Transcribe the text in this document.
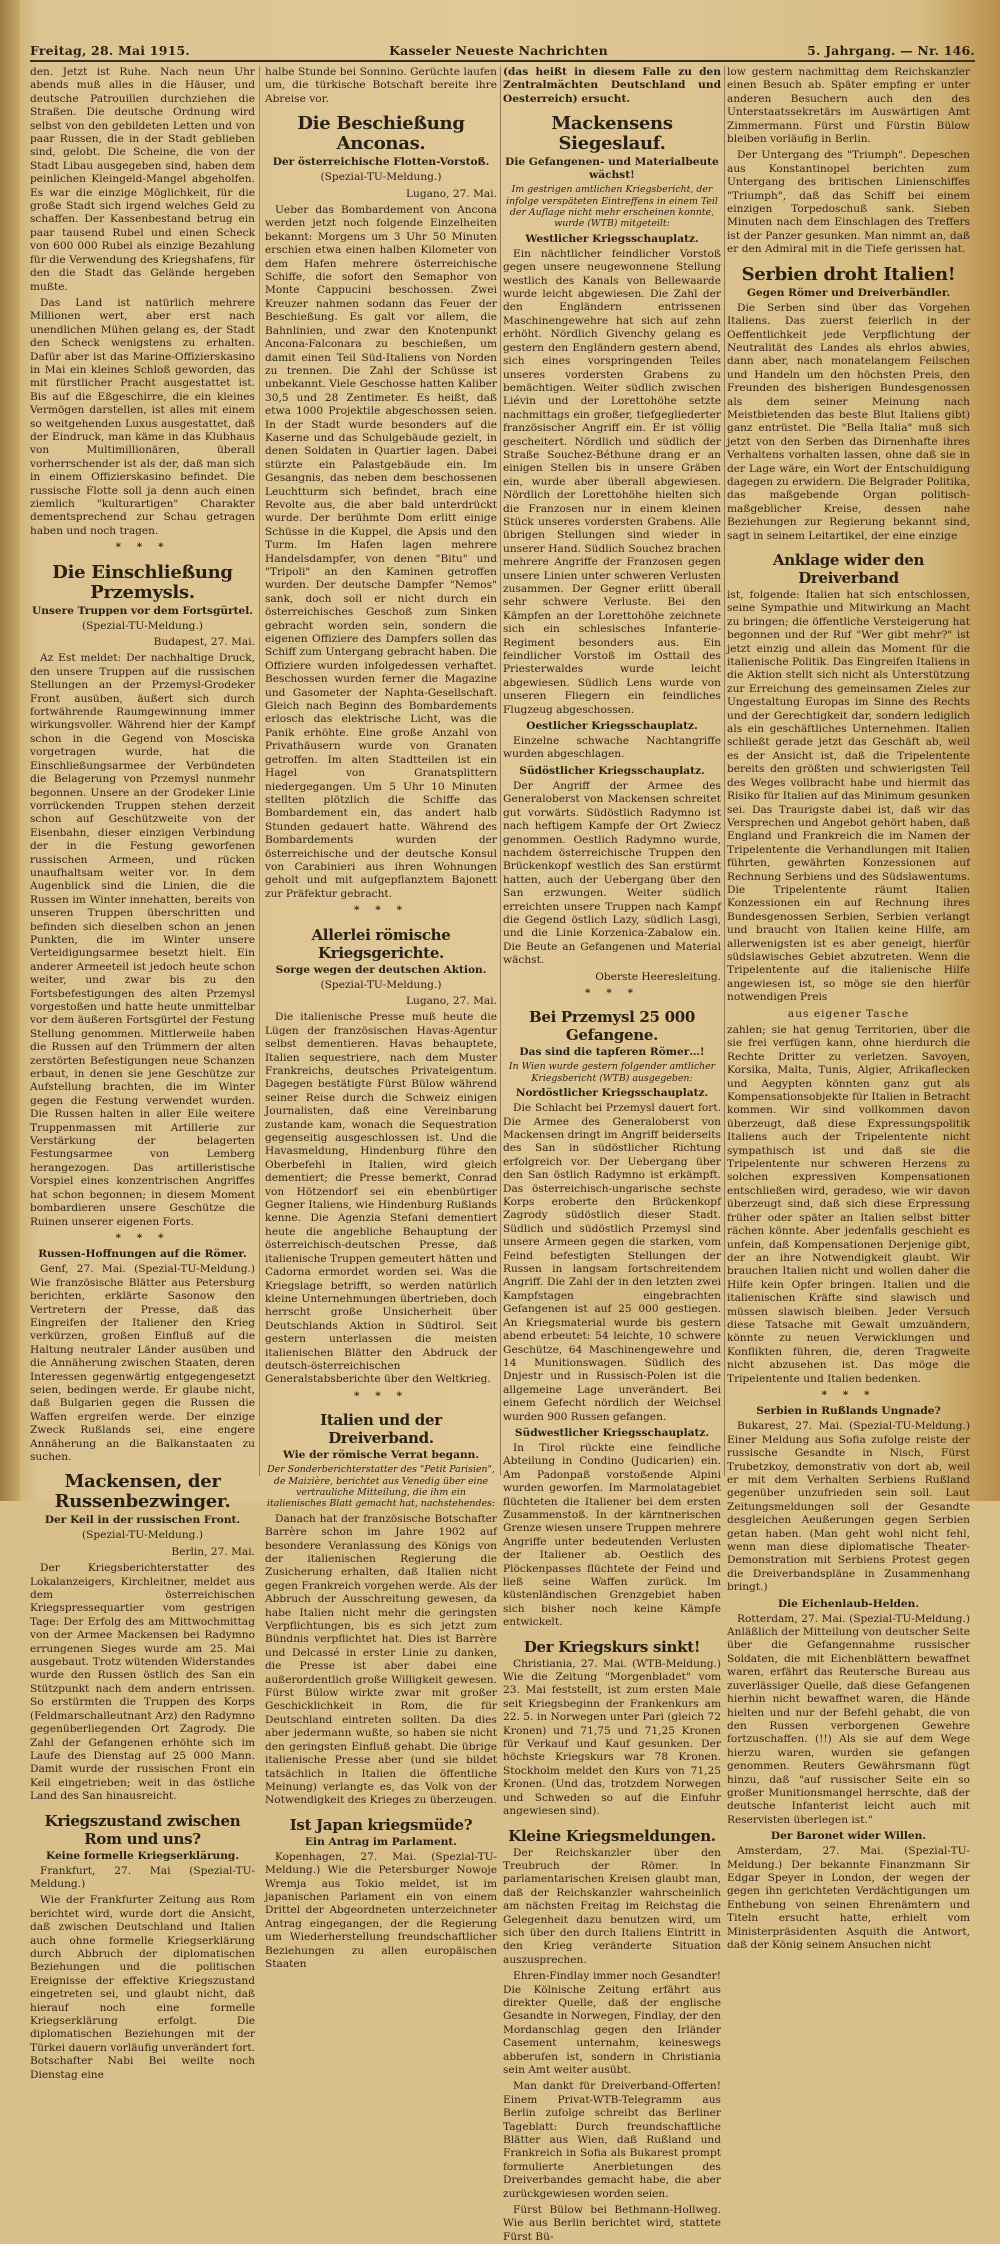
Freitag, 28. Mai 1915.	Kasseler Neueste Nachrichten	5. Jahrgang. — Nr. 146.

den. Jetzt ist Ruhe. Nach neun Uhr abends muß alles in die Häuser, und deutsche Patrouillen durchziehen die Straßen. Die deutsche Ordnung wird selbst von den gebildeten Letten und von paar Russen, die in der Stadt geblieben sind, gelobt. Die Scheine, die von der Stadt Libau ausgegeben sind, haben dem peinlichen Kleingeld-Mangel abgeholfen. Es war die einzige Möglichkeit, für die große Stadt sich irgend welches Geld zu schaffen. Der Kassenbestand betrug ein paar tausend Rubel und einen Scheck von 600 000 Rubel als einzige Bezahlung für die Verwendung des Kriegshafens, für den die Stadt das Gelände hergeben mußte.

Das Land ist natürlich mehrere Millionen wert, aber erst nach unendlichen Mühen gelang es, der Stadt den Scheck wenigstens zu erhalten. Dafür aber ist das Marine-Offizierskasino in Mai ein kleines Schloß geworden, das mit fürstlicher Pracht ausgestattet ist. Bis auf die Eßgeschirre, die ein kleines Vermögen darstellen, ist alles mit einem so weitgehenden Luxus ausgestattet, daß der Eindruck, man käme in das Klubhaus von Multimillionären, überall vorherrschender ist als der, daß man sich in einem Offizierskasino befindet. Die russische Flotte soll ja denn auch einen ziemlich "kulturartigen" Charakter dementsprechend zur Schau getragen haben und noch tragen.

* * *
Die Einschließung Przemysls.
Unsere Truppen vor dem Fortsgürtel.

(Spezial-TU-Meldung.)

Budapest, 27. Mai.

Az Est meldet: Der nachhaltige Druck, den unsere Truppen auf die russischen Stellungen an der Przemysl-Grodeker Front ausüben, äußert sich durch fortwährende Raumgewinnung immer wirkungsvoller. Während hier der Kampf schon in die Gegend von Mosciska vorgetragen wurde, hat die Einschließungsarmee der Verbündeten die Belagerung von Przemysl nunmehr begonnen. Unsere an der Grodeker Linie vorrückenden Truppen stehen derzeit schon auf Geschützweite von der Eisenbahn, dieser einzigen Verbindung der in die Festung geworfenen russischen Armeen, und rücken unaufhaltsam weiter vor. In dem Augenblick sind die Linien, die die Russen im Winter innehatten, bereits von unseren Truppen überschritten und befinden sich dieselben schon an jenen Punkten, die im Winter unsere Verteidigungsarmee besetzt hielt. Ein anderer Armeeteil ist jedoch heute schon weiter, und zwar bis zu den Fortsbefestigungen des alten Przemysl vorgestoßen und hatte heute unmittelbar vor dem äußeren Fortsgürtel der Festung Stellung genommen. Mittlerweile haben die Russen auf den Trümmern der alten zerstörten Befestigungen neue Schanzen erbaut, in denen sie jene Geschütze zur Aufstellung brachten, die im Winter gegen die Festung verwendet wurden. Die Russen halten in aller Eile weitere Truppenmassen mit Artillerie zur Verstärkung der belagerten Festungsarmee von Lemberg herangezogen. Das artilleristische Vorspiel eines konzentrischen Angriffes hat schon begonnen; in diesem Moment bombardieren unsere Geschütze die Ruinen unserer eigenen Forts.

* * *
Russen-Hoffnungen auf die Römer.

Genf, 27. Mai. (Spezial-TU-Meldung.) Wie französische Blätter aus Petersburg berichten, erklärte Sasonow den Vertretern der Presse, daß das Eingreifen der Italiener den Krieg verkürzen, großen Einfluß auf die Haltung neutraler Länder ausüben und die Annäherung zwischen Staaten, deren Interessen gegenwärtig entgegengesetzt seien, bedingen werde. Er glaube nicht, daß Bulgarien gegen die Russen die Waffen ergreifen werde. Der einzige Zweck Rußlands sei, eine engere Annäherung an die Balkanstaaten zu suchen.

Mackensen, der Russenbezwinger.
Der Keil in der russischen Front.

(Spezial-TU-Meldung.)

Berlin, 27. Mai.

Der Kriegsberichterstatter des Lokalanzeigers, Kirchleitner, meldet aus dem österreichischen Kriegspressequartier vom gestrigen Tage: Der Erfolg des am Mittwochmittag von der Armee Mackensen bei Radymno errungenen Sieges wurde am 25. Mai ausgebaut. Trotz wütenden Widerstandes wurde den Russen östlich des San ein Stützpunkt nach dem andern entrissen. So erstürmten die Truppen des Korps (Feldmarschalleutnant Arz) den Radymno gegenüberliegenden Ort Zagrody. Die Zahl der Gefangenen erhöhte sich im Laufe des Dienstag auf 25 000 Mann. Damit wurde der russischen Front ein Keil eingetrieben; weit in das östliche Land des San hinausreicht.

Kriegszustand zwischen Rom und uns?
Keine formelle Kriegserklärung.

Frankfurt, 27. Mai (Spezial-TU-Meldung.)

Wie der Frankfurter Zeitung aus Rom berichtet wird, wurde dort die Ansicht, daß zwischen Deutschland und Italien auch ohne formelle Kriegserklärung durch Abbruch der diplomatischen Beziehungen und die politischen Ereignisse der effektive Kriegszustand eingetreten sei, und glaubt nicht, daß hierauf noch eine formelle Kriegserklärung erfolgt. Die diplomatischen Beziehungen mit der Türkei dauern vorläufig unverändert fort. Botschafter Nabi Bei weilte noch Dienstag eine

halbe Stunde bei Sonnino. Gerüchte laufen um, die türkische Botschaft bereite ihre Abreise vor.

Die Beschießung Anconas.
Der österreichische Flotten-Vorstoß.

(Spezial-TU-Meldung.)

Lugano, 27. Mai.

Ueber das Bombardement von Ancona werden jetzt noch folgende Einzelheiten bekannt: Morgens um 3 Uhr 50 Minuten erschien etwa einen halben Kilometer von dem Hafen mehrere österreichische Schiffe, die sofort den Semaphor von Monte Cappucini beschossen. Zwei Kreuzer nahmen sodann das Feuer der Beschießung. Es galt vor allem, die Bahnlinien, und zwar den Knotenpunkt Ancona-Falconara zu beschießen, um damit einen Teil Süd-Italiens von Norden zu trennen. Die Zahl der Schüsse ist unbekannt. Viele Geschosse hatten Kaliber 30,5 und 28 Zentimeter. Es heißt, daß etwa 1000 Projektile abgeschossen seien. In der Stadt wurde besonders auf die Kaserne und das Schulgebäude gezielt, in denen Soldaten in Quartier lagen. Dabei stürzte ein Palastgebäude ein. Im Gesangnis, das neben dem beschossenen Leuchtturm sich befindet, brach eine Revolte aus, die aber bald unterdrückt wurde. Der berühmte Dom erlitt einige Schüsse in die Kuppel, die Apsis und den Turm. Im Hafen lagen mehrere Handelsdampfer, von denen "Bitu" und "Tripoli" an den Kaminen getroffen wurden. Der deutsche Dampfer "Nemos" sank, doch soll er nicht durch ein österreichisches Geschoß zum Sinken gebracht worden sein, sondern die eigenen Offiziere des Dampfers sollen das Schiff zum Untergang gebracht haben. Die Offiziere wurden infolgedessen verhaftet. Beschossen wurden ferner die Magazine und Gasometer der Naphta-Gesellschaft. Gleich nach Beginn des Bombardements erlosch das elektrische Licht, was die Panik erhöhte. Eine große Anzahl von Privathäusern wurde von Granaten getroffen. Im alten Stadtteilen ist ein Hagel von Granatsplittern niedergegangen. Um 5 Uhr 10 Minuten stellten plötzlich die Schiffe das Bombardement ein, das andert halb Stunden gedauert hatte. Während des Bombardements wurden der österreichische und der deutsche Konsul von Carabinieri aus ihren Wohnungen geholt und mit aufgepflanztem Bajonett zur Präfektur gebracht.

* * *
Allerlei römische Kriegsgerichte.
Sorge wegen der deutschen Aktion.

(Spezial-TU-Meldung.)

Lugano, 27. Mai.

Die italienische Presse muß heute die Lügen der französischen Havas-Agentur selbst dementieren. Havas behauptete, Italien sequestriere, nach dem Muster Frankreichs, deutsches Privateigentum. Dagegen bestätigte Fürst Bülow während seiner Reise durch die Schweiz einigen Journalisten, daß eine Vereinbarung zustande kam, wonach die Sequestration gegenseitig ausgeschlossen ist. Und die Havasmeldung, Hindenburg führe den Oberbefehl in Italien, wird gleich dementiert; die Presse bemerkt, Conrad von Hötzendorf sei ein ebenbürtiger Gegner Italiens, wie Hindenburg Rußlands kenne. Die Agenzia Stefani dementiert heute die angebliche Behauptung der österreichisch-deutschen Presse, daß italienische Truppen gemeutert hätten und Cadorna ermordet worden sei. Was die Kriegslage betrifft, so werden natürlich kleine Unternehmungen übertrieben, doch herrscht große Unsicherheit über Deutschlands Aktion in Südtirol. Seit gestern unterlassen die meisten italienischen Blätter den Abdruck der deutsch-österreichischen Generalstabsberichte über den Weltkrieg.

* * *
Italien und der Dreiverband.
Wie der römische Verrat begann.

Der Sonderberichterstatter des "Petit Parisien", de Maizière, berichtet aus Venedig über eine vertrauliche Mitteilung, die ihm ein italienisches Blatt gemacht hat, nachstehendes:

Danach hat der französische Botschafter Barrère schon im Jahre 1902 auf besondere Veranlassung des Königs von der italienischen Regierung die Zusicherung erhalten, daß Italien nicht gegen Frankreich vorgehen werde. Als der Abbruch der Ausschreitung gewesen, da habe Italien nicht mehr die geringsten Verpflichtungen, bis es sich jetzt zum Bündnis verpflichtet hat. Dies ist Barrère und Delcassé in erster Linie zu danken, die Presse ist aber dabei eine außerordentlich große Willigkeit gewesen. Fürst Bülow wirkte zwar mit großer Geschicklichkeit in Rom, die für Deutschland eintreten sollten. Da dies aber jedermann wußte, so haben sie nicht den geringsten Einfluß gehabt. Die übrige italienische Presse aber (und sie bildet tatsächlich in Italien die öffentliche Meinung) verlangte es, das Volk von der Notwendigkeit des Krieges zu überzeugen.

Ist Japan kriegsmüde?
Ein Antrag im Parlament.

Kopenhagen, 27. Mai. (Spezial-TU-Meldung.) Wie die Petersburger Nowoje Wremja aus Tokio meldet, ist im japanischen Parlament ein von einem Drittel der Abgeordneten unterzeichneter Antrag eingegangen, der die Regierung um Wiederherstellung freundschaftlicher Beziehungen zu allen europäischen Staaten

(das heißt in diesem Falle zu den Zentralmächten Deutschland und Oesterreich) ersucht.

Mackensens Siegeslauf.
Die Gefangenen- und Materialbeute wächst!

Im gestrigen amtlichen Kriegsbericht, der infolge verspäteten Eintreffens in einem Teil der Auflage nicht mehr erscheinen konnte, wurde (WTB) mitgeteilt:

Westlicher Kriegsschauplatz.

Ein nächtlicher feindlicher Vorstoß gegen unsere neugewonnene Stellung westlich des Kanals von Bellewaarde wurde leicht abgewiesen. Die Zahl der den Engländern entrissenen Maschinengewehre hat sich auf zehn erhöht. Nördlich Givenchy gelang es gestern den Engländern gestern abend, sich eines vorspringenden Teiles unseres vordersten Grabens zu bemächtigen. Weiter südlich zwischen Liévin und der Lorettohöhe setzte nachmittags ein großer, tiefgegliederter französischer Angriff ein. Er ist völlig gescheitert. Nördlich und südlich der Straße Souchez-Béthune drang er an einigen Stellen bis in unsere Gräben ein, wurde aber überall abgewiesen. Nördlich der Lorettohöhe hielten sich die Franzosen nur in einem kleinen Stück unseres vordersten Grabens. Alle übrigen Stellungen sind wieder in unserer Hand. Südlich Souchez brachen mehrere Angriffe der Franzosen gegen unsere Linien unter schweren Verlusten zusammen. Der Gegner erlitt überall sehr schwere Verluste. Bei den Kämpfen an der Lorettohöhe zeichnete sich ein schlesisches Infanterie-Regiment besonders aus. Ein feindlicher Vorstoß im Osttail des Priesterwaldes wurde leicht abgewiesen. Südlich Lens wurde von unseren Fliegern ein feindliches Flugzeug abgeschossen.

Oestlicher Kriegsschauplatz.

Einzelne schwache Nachtangriffe wurden abgeschlagen.

Südöstlicher Kriegsschauplatz.

Der Angriff der Armee des Generaloberst von Mackensen schreitet gut vorwärts. Südöstlich Radymno ist nach heftigem Kampfe der Ort Zwiecz genommen. Oestlich Radymno wurde, nachdem österreichische Truppen den Brückenkopf westlich des San erstürmt hatten, auch der Uebergang über den San erzwungen. Weiter südlich erreichten unsere Truppen nach Kampf die Gegend östlich Lazy, südlich Lasgi, und die Linie Korzenica-Zabalow ein. Die Beute an Gefangenen und Material wächst.

Oberste Heeresleitung.

* * *
Bei Przemysl 25 000 Gefangene.
Das sind die tapferen Römer…!

In Wien wurde gestern folgender amtlicher Kriegsbericht (WTB) ausgegeben:

Nordöstlicher Kriegsschauplatz.

Die Schlacht bei Przemysl dauert fort. Die Armee des Generaloberst von Mackensen dringt im Angriff beiderseits des San in südöstlicher Richtung erfolgreich vor. Der Uebergang über den San östlich Radymno ist erkämpft. Das österreichisch-ungarische sechste Korps eroberte den Brückenkopf Zagrody südöstlich dieser Stadt. Südlich und südöstlich Przemysl sind unsere Armeen gegen die starken, vom Feind befestigten Stellungen der Russen in langsam fortschreitendem Angriff. Die Zahl der in den letzten zwei Kampfstagen eingebrachten Gefangenen ist auf 25 000 gestiegen. An Kriegsmaterial wurde bis gestern abend erbeutet: 54 leichte, 10 schwere Geschütze, 64 Maschinengewehre und 14 Munitionswagen. Südlich des Dnjestr und in Russisch-Polen ist die allgemeine Lage unverändert. Bei einem Gefecht nördlich der Weichsel wurden 900 Russen gefangen.

Südwestlicher Kriegsschauplatz.

In Tirol rückte eine feindliche Abteilung in Condino (Judicarien) ein. Am Padonpaß vorstoßende Alpini wurden geworfen. Im Marmolatagebiet flüchteten die Italiener bei dem ersten Zusammenstoß. In der kärntnerischen Grenze wiesen unsere Truppen mehrere Angriffe unter bedeutenden Verlusten der Italiener ab. Oestlich des Plöckenpasses flüchtete der Feind und ließ seine Waffen zurück. Im küstenländischen Grenzgebiet haben sich bisher noch keine Kämpfe entwickelt.

Der Kriegskurs sinkt!

Christiania, 27. Mai. (WTB-Meldung.) Wie die Zeitung "Morgenbladet" vom 23. Mai feststellt, ist zum ersten Male seit Kriegsbeginn der Frankenkurs am 22. 5. in Norwegen unter Pari (gleich 72 Kronen) und 71,75 und 71,25 Kronen für Verkauf und Kauf gesunken. Der höchste Kriegskurs war 78 Kronen. Stockholm meldet den Kurs von 71,25 Kronen. (Und das, trotzdem Norwegen und Schweden so auf die Einfuhr angewiesen sind).

Kleine Kriegsmeldungen.

Der Reichskanzler über den Treubruch der Römer. In parlamentarischen Kreisen glaubt man, daß der Reichskanzler wahrscheinlich am nächsten Freitag im Reichstag die Gelegenheit dazu benutzen wird, um sich über den durch Italiens Eintritt in den Krieg veränderte Situation auszusprechen.

Ehren-Findlay immer noch Gesandter! Die Kölnische Zeitung erfährt aus direkter Quelle, daß der englische Gesandte in Norwegen, Findlay, der den Mordanschlag gegen den Irländer Casement unternahm, keineswegs abberufen ist, sondern in Christiania sein Amt weiter ausübt.

Man dankt für Dreiverband-Offerten! Einem Privat-WTB-Telegramm aus Berlin zufolge schreibt das Berliner Tageblatt: Durch freundschaftliche Blätter aus Wien, daß Rußland und Frankreich in Sofia als Bukarest prompt formulierte Anerbietungen des Dreiverbandes gemacht habe, die aber zurückgewiesen worden seien.

Fürst Bülow bei Bethmann-Hollweg. Wie aus Berlin berichtet wird, stattete Fürst Bü-

low gestern nachmittag dem Reichskanzler einen Besuch ab. Später empfing er unter anderen Besuchern auch den des Unterstaatssekretärs im Auswärtigen Amt Zimmermann. Fürst und Fürstin Bülow bleiben vorläufig in Berlin.

Der Untergang des "Triumph". Depeschen aus Konstantinopel berichten zum Untergang des britischen Linienschiffes "Triumph", daß das Schiff bei einem einzigen Torpedoschuß sank. Sieben Minuten nach dem Einschlagen des Treffers ist der Panzer gesunken. Man nimmt an, daß er den Admiral mit in die Tiefe gerissen hat.

Serbien droht Italien!
Gegen Römer und Dreiverbändler.

Die Serben sind über das Vorgehen Italiens. Das zuerst feierlich in der Oeffentlichkeit jede Verpflichtung der Neutralität des Landes als ehrlos abwies, dann aber, nach monatelangem Feilschen und Handeln um den höchsten Preis, den Freunden des bisherigen Bundesgenossen als dem seiner Meinung nach Meistbietenden das beste Blut Italiens gibt) ganz entrüstet. Die "Bella Italia" muß sich jetzt von den Serben das Dirnenhafte ihres Verhaltens vorhalten lassen, ohne daß sie in der Lage wäre, ein Wort der Entschuldigung dagegen zu erwidern. Die Belgrader Politika, das maßgebende Organ politisch-maßgeblicher Kreise, dessen nahe Beziehungen zur Regierung bekannt sind, sagt in seinem Leitartikel, der eine einzige

Anklage wider den Dreiverband

ist, folgende: Italien hat sich entschlossen, seine Sympathie und Mitwirkung an Macht zu bringen; die öffentliche Versteigerung hat begonnen und der Ruf "Wer gibt mehr?" ist jetzt einzig und allein das Moment für die italienische Politik. Das Eingreifen Italiens in die Aktion stellt sich nicht als Unterstützung zur Erreichung des gemeinsamen Zieles zur Ungestaltung Europas im Sinne des Rechts und der Gerechtigkeit dar, sondern lediglich als ein geschäftliches Unternehmen. Italien schließt gerade jetzt das Geschäft ab, weil es der Ansicht ist, daß die Tripelentente bereits den größten und schwierigsten Teil des Weges vollbracht habe und hiermit das Risiko für Italien auf das Minimum gesunken sei. Das Traurigste dabei ist, daß wir das Versprechen und Angebot gehört haben, daß England und Frankreich die im Namen der Tripelentente die Verhandlungen mit Italien führten, gewährten Konzessionen auf Rechnung Serbiens und des Südslawentums. Die Tripelentente räumt Italien Konzessionen ein auf Rechnung ihres Bundesgenossen Serbien, Serbien verlangt und braucht von Italien keine Hilfe, am allerwenigsten ist es aber geneigt, hierfür südslawisches Gebiet abzutreten. Wenn die Tripelentente auf die italienische Hilfe angewiesen ist, so möge sie den hierfür notwendigen Preis

aus eigener Tasche

zahlen; sie hat genug Territorien, über die sie frei verfügen kann, ohne hierdurch die Rechte Dritter zu verletzen. Savoyen, Korsika, Malta, Tunis, Algier, Afrikaflecken und Aegypten könnten ganz gut als Kompensationsobjekte für Italien in Betracht kommen. Wir sind vollkommen davon überzeugt, daß diese Expressungspolitik Italiens auch der Tripelentente nicht sympathisch ist und daß sie die Tripelentente nur schweren Herzens zu solchen expressiven Kompensationen entschließen wird, geradeso, wie wir davon überzeugt sind, daß sich diese Erpressung früher oder später an Italien selbst bitter rächen könnte. Aber jedenfalls geschieht es unfein, daß Kompensationen Derjenige gibt, der an ihre Notwendigkeit glaubt. Wir brauchen Italien nicht und wollen daher die Hilfe kein Opfer bringen. Italien und die italienischen Kräfte sind slawisch und müssen slawisch bleiben. Jeder Versuch diese Tatsache mit Gewalt umzuändern, könnte zu neuen Verwicklungen und Konflikten führen, die, deren Tragweite nicht abzusehen ist. Das möge die Tripelentente und Italien bedenken.

* * *
Serbien in Rußlands Ungnade?

Bukarest, 27. Mai. (Spezial-TU-Meldung.) Einer Meldung aus Sofia zufolge reiste der russische Gesandte in Nisch, Fürst Trubetzkoy, demonstrativ von dort ab, weil er mit dem Verhalten Serbiens Rußland gegenüber unzufrieden sein soll. Laut Zeitungsmeldungen soll der Gesandte desgleichen Aeußerungen gegen Serbien getan haben. (Man geht wohl nicht fehl, wenn man diese diplomatische Theater-Demonstration mit Serbiens Protest gegen die Dreiverbandspläne in Zusammenhang bringt.)

Die Eichenlaub-Helden.

Rotterdam, 27. Mai. (Spezial-TU-Meldung.) Anläßlich der Mitteilung von deutscher Seite über die Gefangennahme russischer Soldaten, die mit Eichenblättern bewaffnet waren, erfährt das Reutersche Bureau aus zuverlässiger Quelle, daß diese Gefangenen hierhin nicht bewaffnet waren, die Hände hielten und nur der Befehl gehabt, die von den Russen verborgenen Gewehre fortzuschaffen. (!!) Als sie auf dem Wege hierzu waren, wurden sie gefangen genommen. Reuters Gewährsmann fügt hinzu, daß "auf russischer Seite ein so großer Munitionsmangel herrschte, daß der deutsche Infanterist leicht auch mit Reservisten überlegen ist."

Der Baronet wider Willen.

Amsterdam, 27. Mai. (Spezial-TU-Meldung.) Der bekannte Finanzmann Sir Edgar Speyer in London, der wegen der gegen ihn gerichteten Verdächtigungen um Enthebung von seinen Ehrenämtern und Titeln ersucht hatte, erhielt vom Ministerpräsidenten Asquith die Antwort, daß der König seinem Ansuchen nicht
